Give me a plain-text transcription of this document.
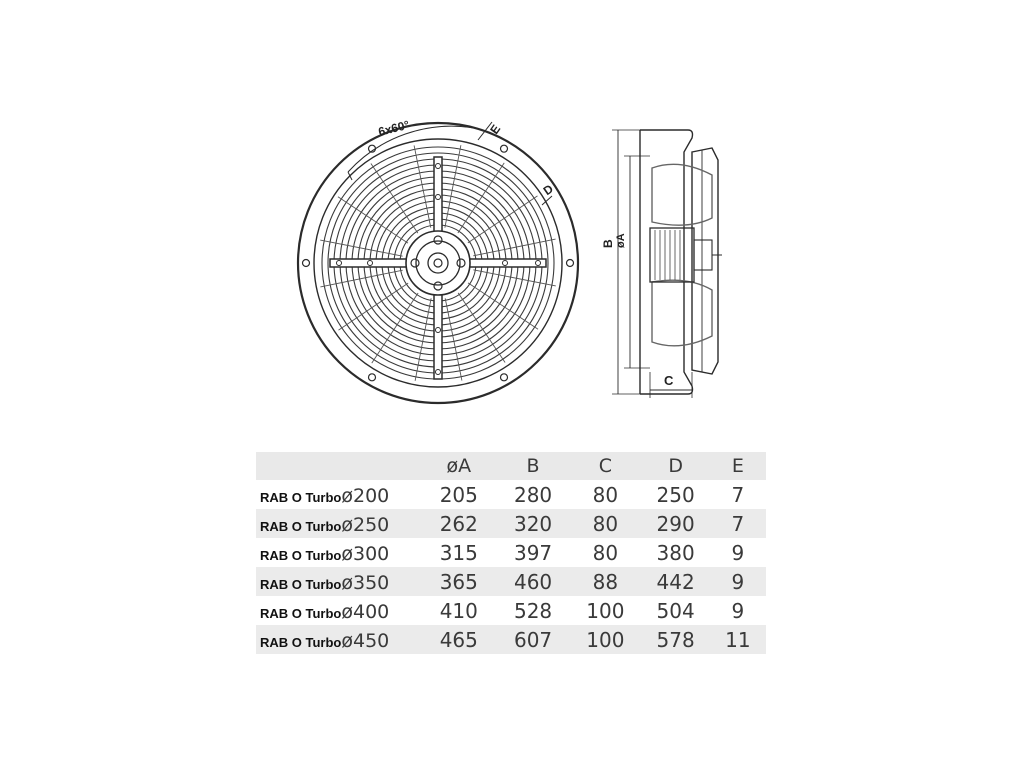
6x60°	E
D
B øA
C
	øA	B	C	D	E
RAB O Turboø200	205	280	80	250	7
RAB O Turboø250	262	320	80	290	7
RAB O Turboø300	315	397	80	380	9
RAB O Turboø350	365	460	88	442	9
RAB O Turboø400	410	528	100	504	9
RAB O Turboø450	465	607	100	578	11
